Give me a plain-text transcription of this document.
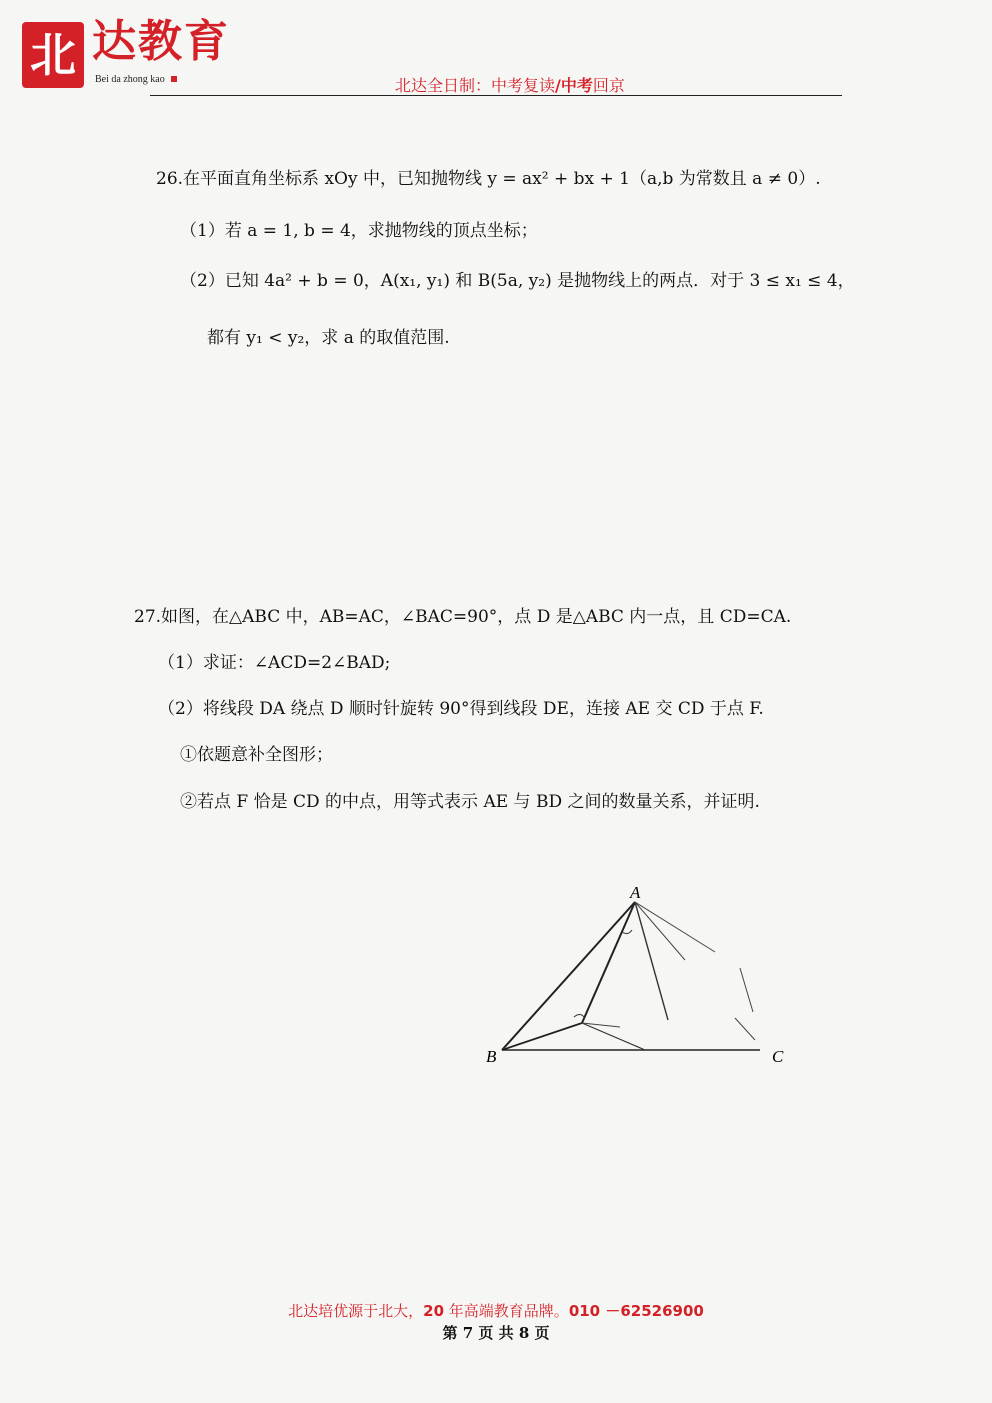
北 达教育
Bei da zhong kao	北达全日制：中考复读/中考回京
26.在平面直角坐标系 xOy 中，已知抛物线 y = ax² + bx + 1（a,b 为常数且 a ≠ 0）.
（1）若 a = 1, b = 4，求抛物线的顶点坐标；
（2）已知 4a² + b = 0，A(x₁, y₁) 和 B(5a, y₂) 是抛物线上的两点．对于 3 ≤ x₁ ≤ 4，
都有 y₁ < y₂，求 a 的取值范围.
27.如图，在△ABC 中，AB=AC，∠BAC=90°，点 D 是△ABC 内一点，且 CD=CA.
（1）求证：∠ACD=2∠BAD;
（2）将线段 DA 绕点 D 顺时针旋转 90°得到线段 DE，连接 AE 交 CD 于点 F.
①依题意补全图形；
②若点 F 恰是 CD 的中点，用等式表示 AE 与 BD 之间的数量关系，并证明.
A
B	C
北达培优源于北大，20 年高端教育品牌。010 －62526900
第 7 页 共 8 页
